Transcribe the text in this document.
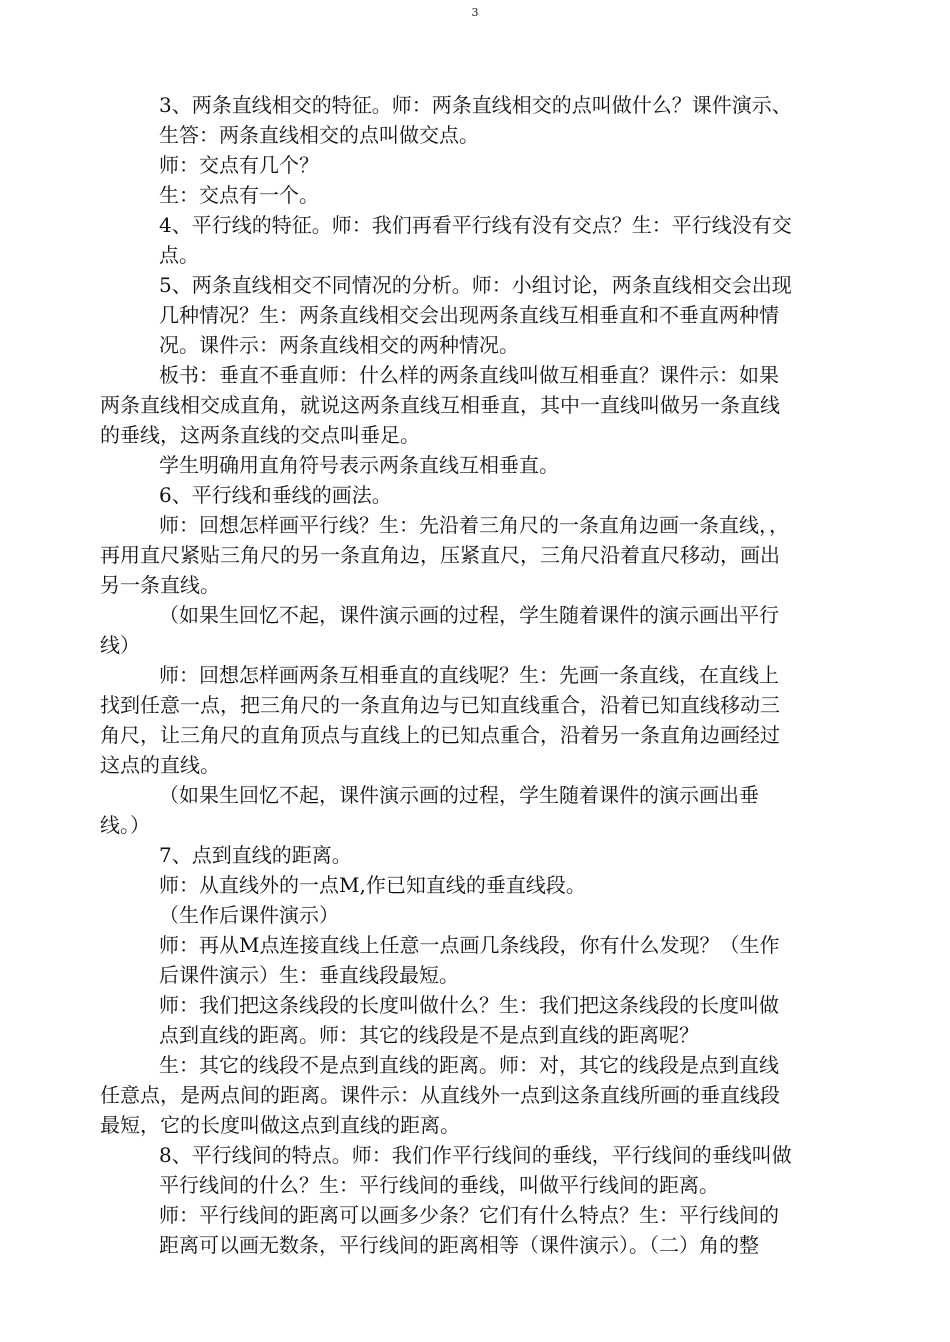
3
3、两条直线相交的特征。师：两条直线相交的点叫做什么？课件演示、
生答：两条直线相交的点叫做交点。
师：交点有几个？
生：交点有一个。
4、平行线的特征。师：我们再看平行线有没有交点？生：平行线没有交
点。
5、两条直线相交不同情况的分析。师：小组讨论，两条直线相交会出现
几种情况？生：两条直线相交会出现两条直线互相垂直和不垂直两种情
况。课件示：两条直线相交的两种情况。
板书：垂直不垂直师：什么样的两条直线叫做互相垂直？课件示：如果
两条直线相交成直角，就说这两条直线互相垂直，其中一直线叫做另一条直线
的垂线，这两条直线的交点叫垂足。
学生明确用直角符号表示两条直线互相垂直。
6、平行线和垂线的画法。
师：回想怎样画平行线？生：先沿着三角尺的一条直角边画一条直线，，
再用直尺紧贴三角尺的另一条直角边，压紧直尺，三角尺沿着直尺移动，画出
另一条直线。
（如果生回忆不起，课件演示画的过程，学生随着课件的演示画出平行
线）
师：回想怎样画两条互相垂直的直线呢？生：先画一条直线，在直线上
找到任意一点，把三角尺的一条直角边与已知直线重合，沿着已知直线移动三
角尺，让三角尺的直角顶点与直线上的已知点重合，沿着另一条直角边画经过
这点的直线。
（如果生回忆不起，课件演示画的过程，学生随着课件的演示画出垂
线。）
7、点到直线的距离。
师：从直线外的一点M,作已知直线的垂直线段。
（生作后课件演示）
师：再从M点连接直线上任意一点画几条线段，你有什么发现？（生作
后课件演示）生：垂直线段最短。
师：我们把这条线段的长度叫做什么？生：我们把这条线段的长度叫做
点到直线的距离。师：其它的线段是不是点到直线的距离呢？
生：其它的线段不是点到直线的距离。师：对，其它的线段是点到直线
任意点，是两点间的距离。课件示：从直线外一点到这条直线所画的垂直线段
最短，它的长度叫做这点到直线的距离。
8、平行线间的特点。师：我们作平行线间的垂线，平行线间的垂线叫做
平行线间的什么？生：平行线间的垂线，叫做平行线间的距离。
师：平行线间的距离可以画多少条？它们有什么特点？生：平行线间的
距离可以画无数条，平行线间的距离相等（课件演示）。（二）角的整
